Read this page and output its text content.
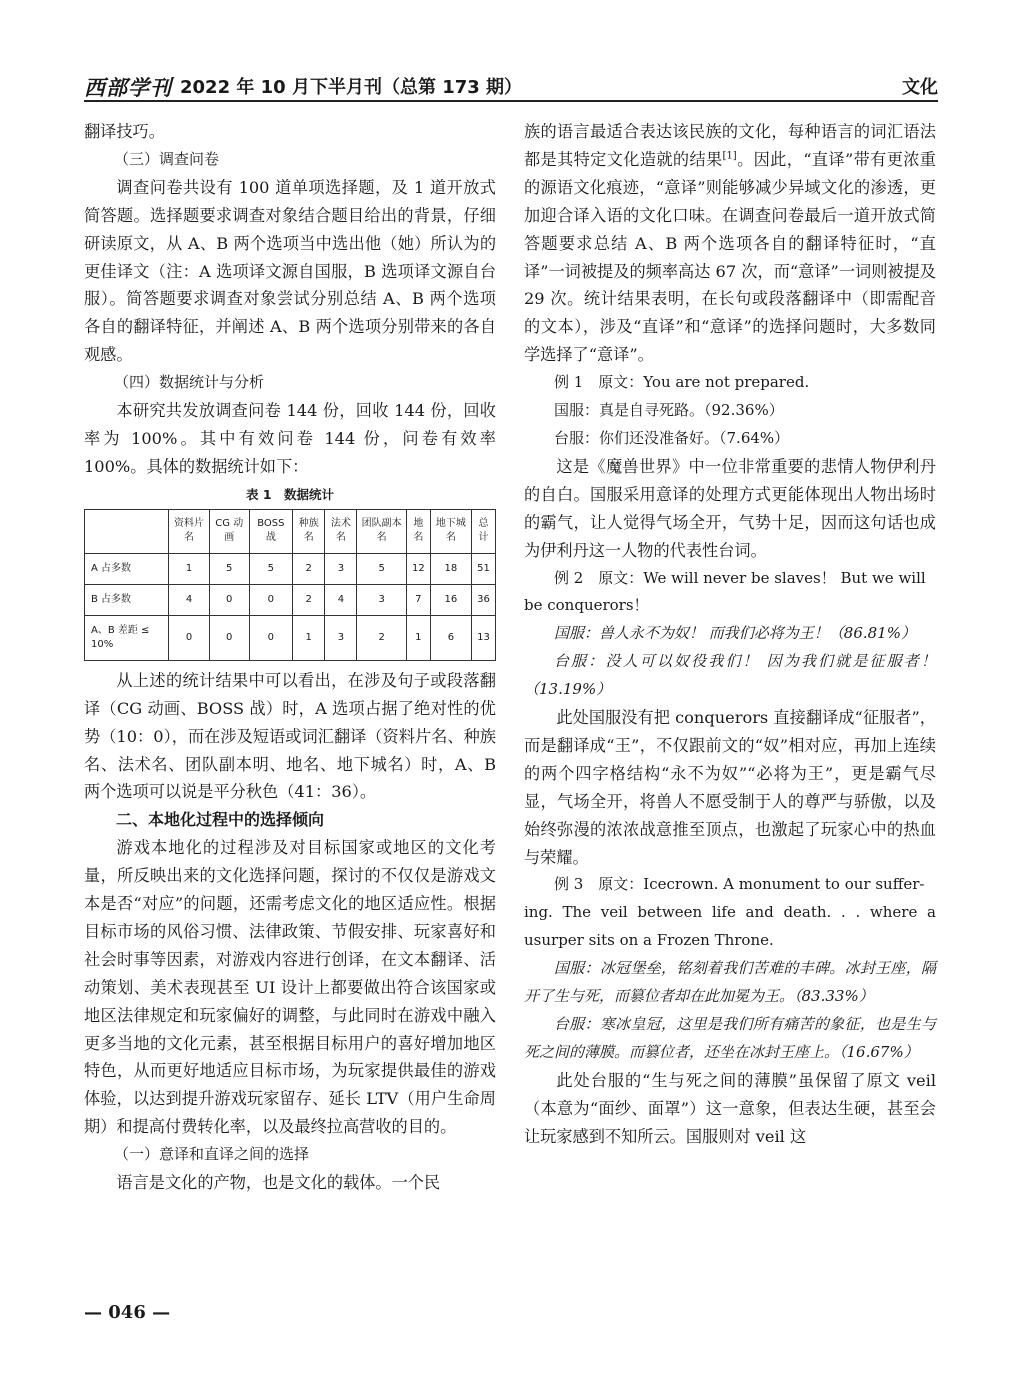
西部学刊 2022 年 10 月下半月刊（总第 173 期）	文化

翻译技巧。

（三）调查问卷

调查问卷共设有 100 道单项选择题，及 1 道开放式简答题。选择题要求调查对象结合题目给出的背景，仔细研读原文，从 A、B 两个选项当中选出他（她）所认为的更佳译文（注：A 选项译文源自国服，B 选项译文源自台服）。简答题要求调查对象尝试分别总结 A、B 两个选项各自的翻译特征，并阐述 A、B 两个选项分别带来的各自观感。

（四）数据统计与分析

本研究共发放调查问卷 144 份，回收 144 份，回收率为 100%。其中有效问卷 144 份，问卷有效率 100%。具体的数据统计如下：

表 1　数据统计
	资料片名	CG 动画	BOSS 战	种族名	法术名	团队副本名	地名	地下城名	总计
A 占多数	1	5	5	2	3	5	12	18	51
B 占多数	4	0	0	2	4	3	7	16	36
A、B 差距 ≤ 10%	0	0	0	1	3	2	1	6	13

从上述的统计结果中可以看出，在涉及句子或段落翻译（CG 动画、BOSS 战）时，A 选项占据了绝对性的优势（10：0），而在涉及短语或词汇翻译（资料片名、种族名、法术名、团队副本明、地名、地下城名）时，A、B 两个选项可以说是平分秋色（41：36）。

二、本地化过程中的选择倾向

游戏本地化的过程涉及对目标国家或地区的文化考量，所反映出来的文化选择问题，探讨的不仅仅是游戏文本是否“对应”的问题，还需考虑文化的地区适应性。根据目标市场的风俗习惯、法律政策、节假安排、玩家喜好和社会时事等因素，对游戏内容进行创译，在文本翻译、活动策划、美术表现甚至 UI 设计上都要做出符合该国家或地区法律规定和玩家偏好的调整，与此同时在游戏中融入更多当地的文化元素，甚至根据目标用户的喜好增加地区特色，从而更好地适应目标市场，为玩家提供最佳的游戏体验，以达到提升游戏玩家留存、延长 LTV（用户生命周期）和提高付费转化率，以及最终拉高营收的目的。

（一）意译和直译之间的选择

语言是文化的产物，也是文化的载体。一个民

族的语言最适合表达该民族的文化，每种语言的词汇语法都是其特定文化造就的结果[1]。因此，“直译”带有更浓重的源语文化痕迹，“意译”则能够减少异域文化的渗透，更加迎合译入语的文化口味。在调查问卷最后一道开放式简答题要求总结 A、B 两个选项各自的翻译特征时，“直译”一词被提及的频率高达 67 次，而“意译”一词则被提及 29 次。统计结果表明，在长句或段落翻译中（即需配音的文本），涉及“直译”和“意译”的选择问题时，大多数同学选择了“意译”。

例 1　原文：You are not prepared.

国服：真是自寻死路。（92.36%）

台服：你们还没准备好。（7.64%）

这是《魔兽世界》中一位非常重要的悲情人物伊利丹的自白。国服采用意译的处理方式更能体现出人物出场时的霸气，让人觉得气场全开，气势十足，因而这句话也成为伊利丹这一人物的代表性台词。

例 2　原文：We will never be slaves！ But we will

be conquerors！

国服：兽人永不为奴！ 而我们必将为王！（86.81%）

台服：没人可以奴役我们！ 因为我们就是征服者！（13.19%）

此处国服没有把 conquerors 直接翻译成“征服者”，而是翻译成“王”，不仅跟前文的“奴”相对应，再加上连续的两个四字格结构“永不为奴”“必将为王”，更是霸气尽显，气场全开，将兽人不愿受制于人的尊严与骄傲，以及始终弥漫的浓浓战意推至顶点，也激起了玩家心中的热血与荣耀。

例 3　原文：Icecrown. A monument to our suffer-

ing. The veil between life and death. . . where a usurper sits on a Frozen Throne.

国服：冰冠堡垒，铭刻着我们苦难的丰碑。冰封王座，隔开了生与死，而篡位者却在此加冕为王。（83.33%）

台服：寒冰皇冠，这里是我们所有痛苦的象征，也是生与死之间的薄膜。而篡位者，还坐在冰封王座上。（16.67%）

此处台服的“生与死之间的薄膜”虽保留了原文 veil（本意为“面纱、面罩”）这一意象，但表达生硬，甚至会让玩家感到不知所云。国服则对 veil 这

— 046 —
